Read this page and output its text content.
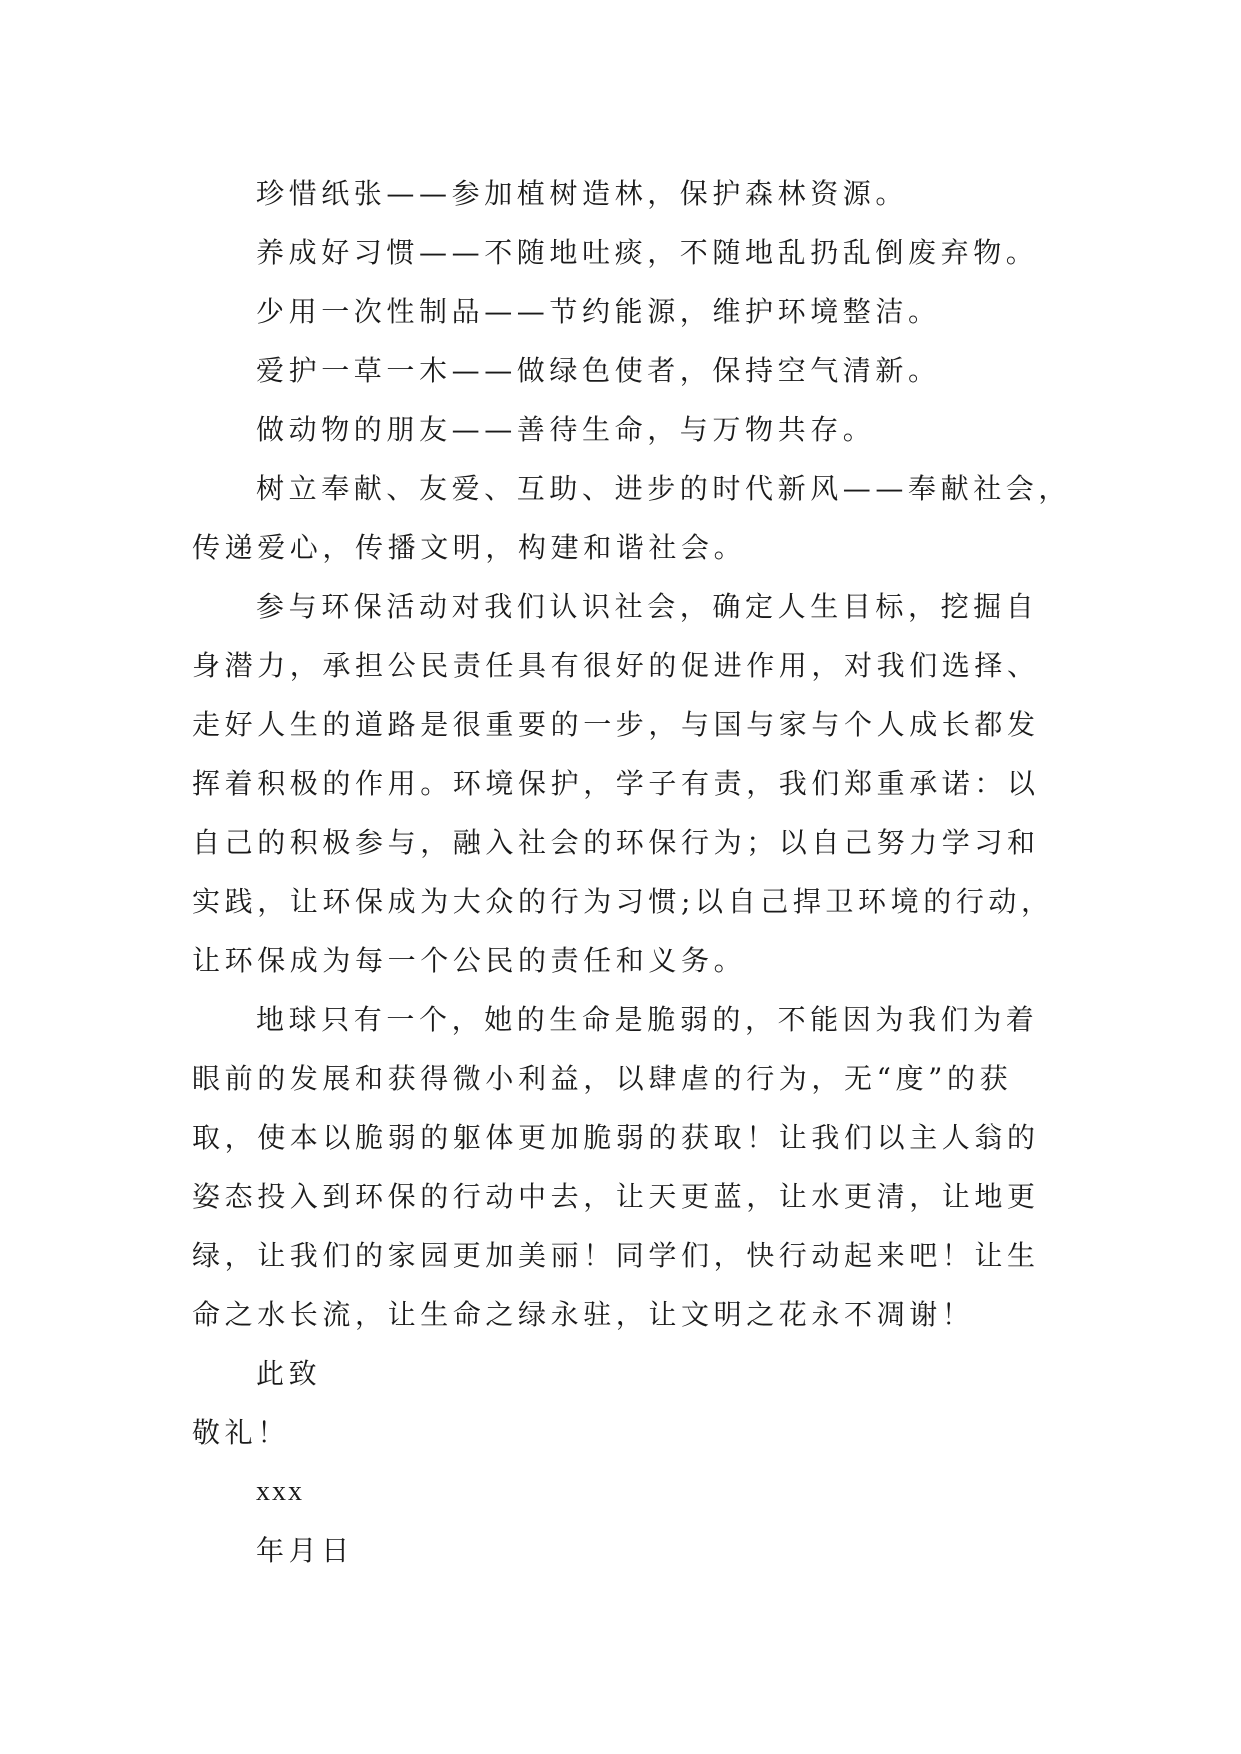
珍惜纸张——参加植树造林，保护森林资源。

养成好习惯——不随地吐痰，不随地乱扔乱倒废弃物。

少用一次性制品——节约能源，维护环境整洁。

爱护一草一木——做绿色使者，保持空气清新。

做动物的朋友——善待生命，与万物共存。

树立奉献、友爱、互助、进步的时代新风——奉献社会，

传递爱心，传播文明，构建和谐社会。

参与环保活动对我们认识社会，确定人生目标，挖掘自

身潜力，承担公民责任具有很好的促进作用，对我们选择、

走好人生的道路是很重要的一步，与国与家与个人成长都发

挥着积极的作用。环境保护，学子有责，我们郑重承诺：以

自己的积极参与，融入社会的环保行为；以自己努力学习和

实践，让环保成为大众的行为习惯;以自己捍卫环境的行动，

让环保成为每一个公民的责任和义务。

地球只有一个，她的生命是脆弱的，不能因为我们为着

眼前的发展和获得微小利益，以肆虐的行为，无“度”的获

取，使本以脆弱的躯体更加脆弱的获取！让我们以主人翁的

姿态投入到环保的行动中去，让天更蓝，让水更清，让地更

绿，让我们的家园更加美丽！同学们，快行动起来吧！让生

命之水长流，让生命之绿永驻，让文明之花永不凋谢！

此致

敬礼！

xxx

年月日
